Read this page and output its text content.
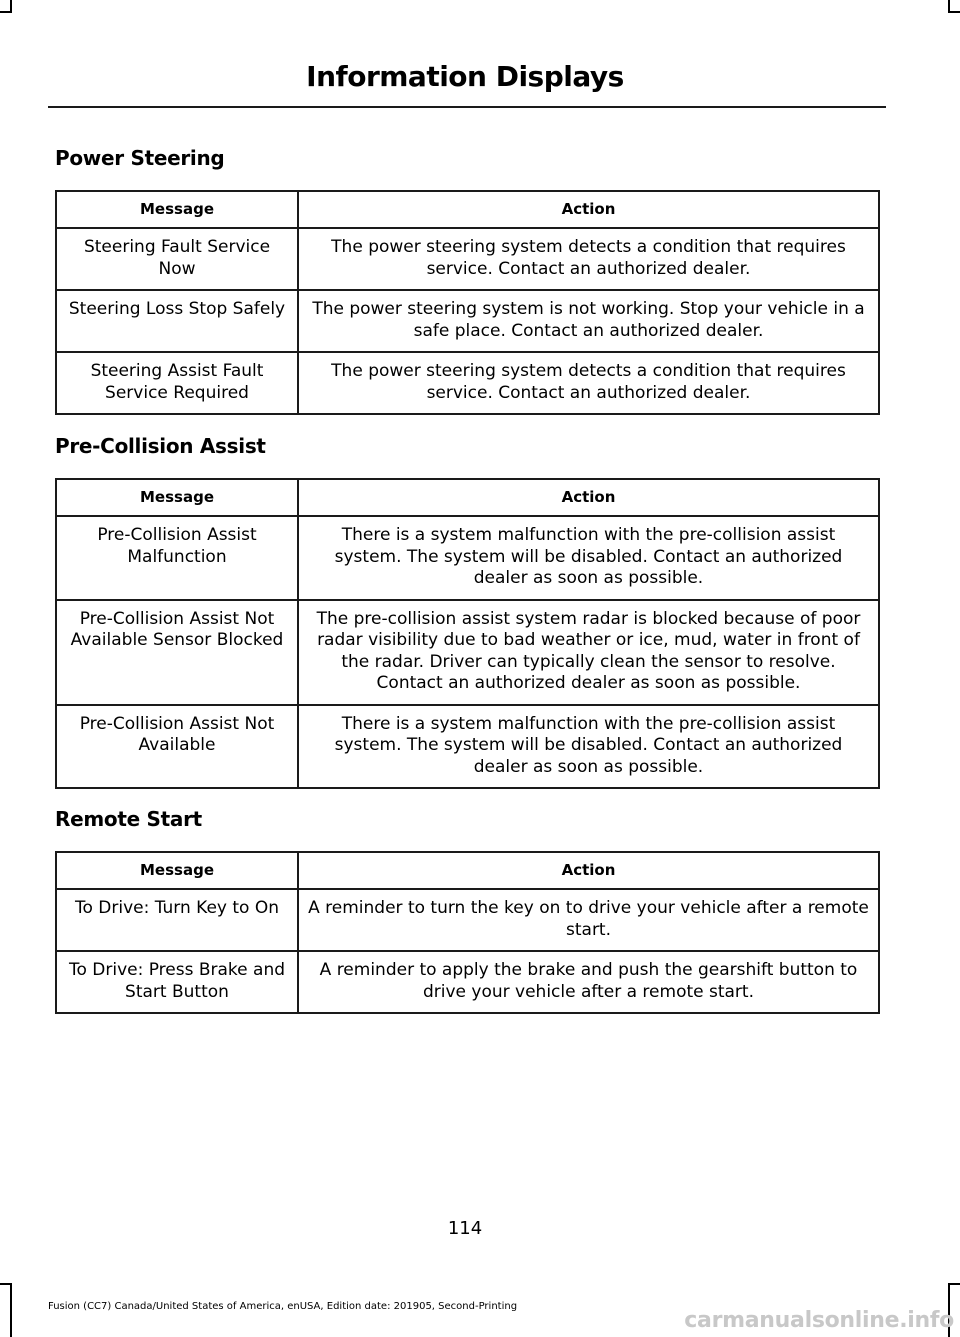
Information Displays
Power Steering
Message	Action
Steering Fault Service Now	The power steering system detects a condition that requires service. Contact an authorized dealer.
Steering Loss Stop Safely	The power steering system is not working. Stop your vehicle in a safe place. Contact an authorized dealer.
Steering Assist Fault Service Required	The power steering system detects a condition that requires service. Contact an authorized dealer.
Pre-Collision Assist
Message	Action
Pre-Collision Assist Malfunction	There is a system malfunction with the pre-collision assist system. The system will be disabled. Contact an authorized dealer as soon as possible.
Pre-Collision Assist Not Available Sensor Blocked	The pre-collision assist system radar is blocked because of poor radar visibility due to bad weather or ice, mud, water in front of the radar. Driver can typically clean the sensor to resolve. Contact an authorized dealer as soon as possible.
Pre-Collision Assist Not Available	There is a system malfunction with the pre-collision assist system. The system will be disabled. Contact an authorized dealer as soon as possible.
Remote Start
Message	Action
To Drive: Turn Key to On	A reminder to turn the key on to drive your vehicle after a remote start.
To Drive: Press Brake and Start Button	A reminder to apply the brake and push the gearshift button to drive your vehicle after a remote start.
114
Fusion (CC7) Canada/United States of America, enUSA, Edition date: 201905, Second-Printing
carmanualsonline.info
